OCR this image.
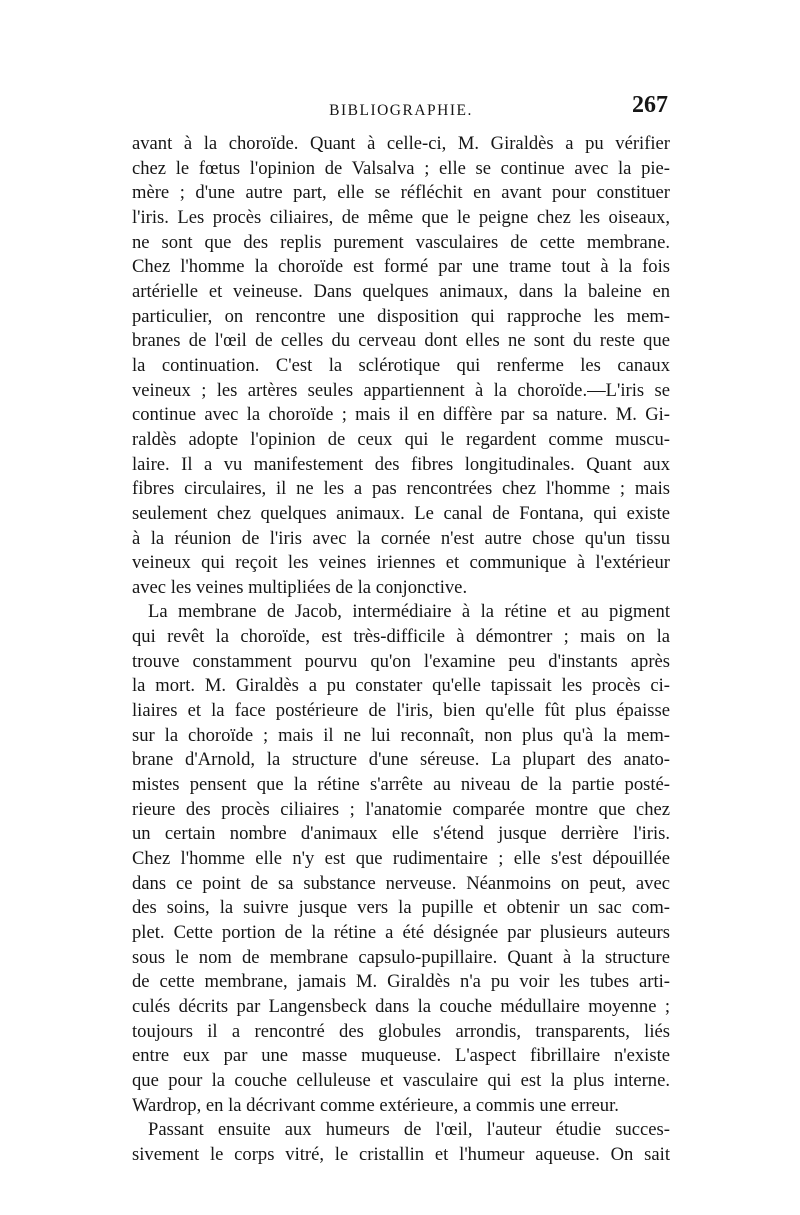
BIBLIOGRAPHIE.	267

avant à la choroïde. Quant à celle-ci, M. Giraldès a pu vérifier
chez le fœtus l'opinion de Valsalva ; elle se continue avec la pie-
mère ; d'une autre part, elle se réfléchit en avant pour constituer
l'iris. Les procès ciliaires, de même que le peigne chez les oiseaux,
ne sont que des replis purement vasculaires de cette membrane.
Chez l'homme la choroïde est formé par une trame tout à la fois
artérielle et veineuse. Dans quelques animaux, dans la baleine en
particulier, on rencontre une disposition qui rapproche les mem-
branes de l'œil de celles du cerveau dont elles ne sont du reste que
la continuation. C'est la sclérotique qui renferme les canaux
veineux ; les artères seules appartiennent à la choroïde.—L'iris se
continue avec la choroïde ; mais il en diffère par sa nature. M. Gi-
raldès adopte l'opinion de ceux qui le regardent comme muscu-
laire. Il a vu manifestement des fibres longitudinales. Quant aux
fibres circulaires, il ne les a pas rencontrées chez l'homme ; mais
seulement chez quelques animaux. Le canal de Fontana, qui existe
à la réunion de l'iris avec la cornée n'est autre chose qu'un tissu
veineux qui reçoit les veines iriennes et communique à l'extérieur
avec les veines multipliées de la conjonctive.

La membrane de Jacob, intermédiaire à la rétine et au pigment
qui revêt la choroïde, est très-difficile à démontrer ; mais on la
trouve constamment pourvu qu'on l'examine peu d'instants après
la mort. M. Giraldès a pu constater qu'elle tapissait les procès ci-
liaires et la face postérieure de l'iris, bien qu'elle fût plus épaisse
sur la choroïde ; mais il ne lui reconnaît, non plus qu'à la mem-
brane d'Arnold, la structure d'une séreuse. La plupart des anato-
mistes pensent que la rétine s'arrête au niveau de la partie posté-
rieure des procès ciliaires ; l'anatomie comparée montre que chez
un certain nombre d'animaux elle s'étend jusque derrière l'iris.
Chez l'homme elle n'y est que rudimentaire ; elle s'est dépouillée
dans ce point de sa substance nerveuse. Néanmoins on peut, avec
des soins, la suivre jusque vers la pupille et obtenir un sac com-
plet. Cette portion de la rétine a été désignée par plusieurs auteurs
sous le nom de membrane capsulo-pupillaire. Quant à la structure
de cette membrane, jamais M. Giraldès n'a pu voir les tubes arti-
culés décrits par Langensbeck dans la couche médullaire moyenne ;
toujours il a rencontré des globules arrondis, transparents, liés
entre eux par une masse muqueuse. L'aspect fibrillaire n'existe
que pour la couche celluleuse et vasculaire qui est la plus interne.
Wardrop, en la décrivant comme extérieure, a commis une erreur.

Passant ensuite aux humeurs de l'œil, l'auteur étudie succes-
sivement le corps vitré, le cristallin et l'humeur aqueuse. On sait
